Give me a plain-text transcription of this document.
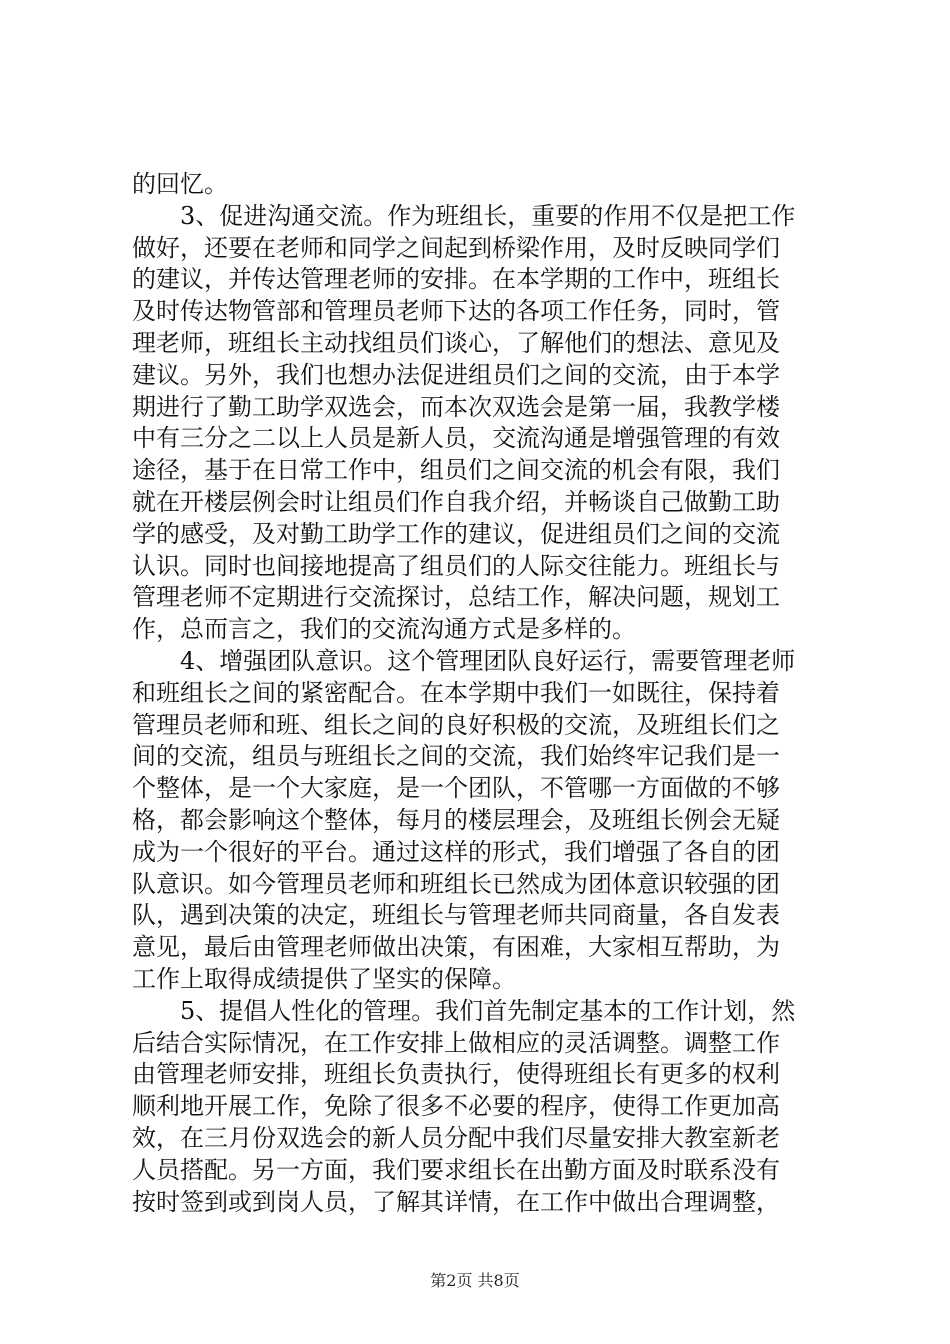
的回忆。
3、促进沟通交流。作为班组长，重要的作用不仅是把工作
做好，还要在老师和同学之间起到桥梁作用，及时反映同学们
的建议，并传达管理老师的安排。在本学期的工作中，班组长
及时传达物管部和管理员老师下达的各项工作任务，同时，管
理老师，班组长主动找组员们谈心，了解他们的想法、意见及
建议。另外，我们也想办法促进组员们之间的交流，由于本学
期进行了勤工助学双选会，而本次双选会是第一届，我教学楼
中有三分之二以上人员是新人员，交流沟通是增强管理的有效
途径，基于在日常工作中，组员们之间交流的机会有限，我们
就在开楼层例会时让组员们作自我介绍，并畅谈自己做勤工助
学的感受，及对勤工助学工作的建议，促进组员们之间的交流
认识。同时也间接地提高了组员们的人际交往能力。班组长与
管理老师不定期进行交流探讨，总结工作，解决问题，规划工
作，总而言之，我们的交流沟通方式是多样的。
4、增强团队意识。这个管理团队良好运行，需要管理老师
和班组长之间的紧密配合。在本学期中我们一如既往，保持着
管理员老师和班、组长之间的良好积极的交流，及班组长们之
间的交流，组员与班组长之间的交流，我们始终牢记我们是一
个整体，是一个大家庭，是一个团队，不管哪一方面做的不够
格，都会影响这个整体，每月的楼层理会，及班组长例会无疑
成为一个很好的平台。通过这样的形式，我们增强了各自的团
队意识。如今管理员老师和班组长已然成为团体意识较强的团
队，遇到决策的决定，班组长与管理老师共同商量，各自发表
意见，最后由管理老师做出决策，有困难，大家相互帮助，为
工作上取得成绩提供了坚实的保障。
5、提倡人性化的管理。我们首先制定基本的工作计划，然
后结合实际情况，在工作安排上做相应的灵活调整。调整工作
由管理老师安排，班组长负责执行，使得班组长有更多的权利
顺利地开展工作，免除了很多不必要的程序，使得工作更加高
效，在三月份双选会的新人员分配中我们尽量安排大教室新老
人员搭配。另一方面，我们要求组长在出勤方面及时联系没有
按时签到或到岗人员，了解其详情，在工作中做出合理调整，
第2页 共8页
